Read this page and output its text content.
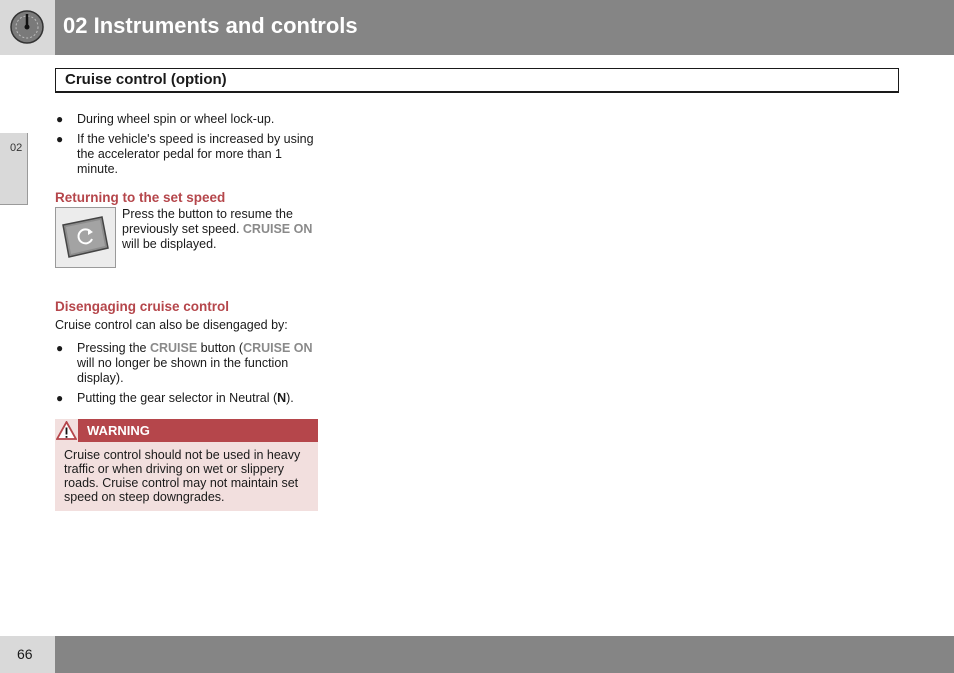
02 Instruments and controls
Cruise control (option)
02
● During wheel spin or wheel lock-up.
● If the vehicle's speed is increased by using the accelerator pedal for more than 1 minute.
Returning to the set speed
Press the button to resume the previously set speed. CRUISE ON will be displayed.
Disengaging cruise control

Cruise control can also be disengaged by:

● Pressing the CRUISE button (CRUISE ON will no longer be shown in the function display).
● Putting the gear selector in Neutral (N).
WARNING
Cruise control should not be used in heavy traffic or when driving on wet or slippery roads. Cruise control may not maintain set speed on steep downgrades.
66
